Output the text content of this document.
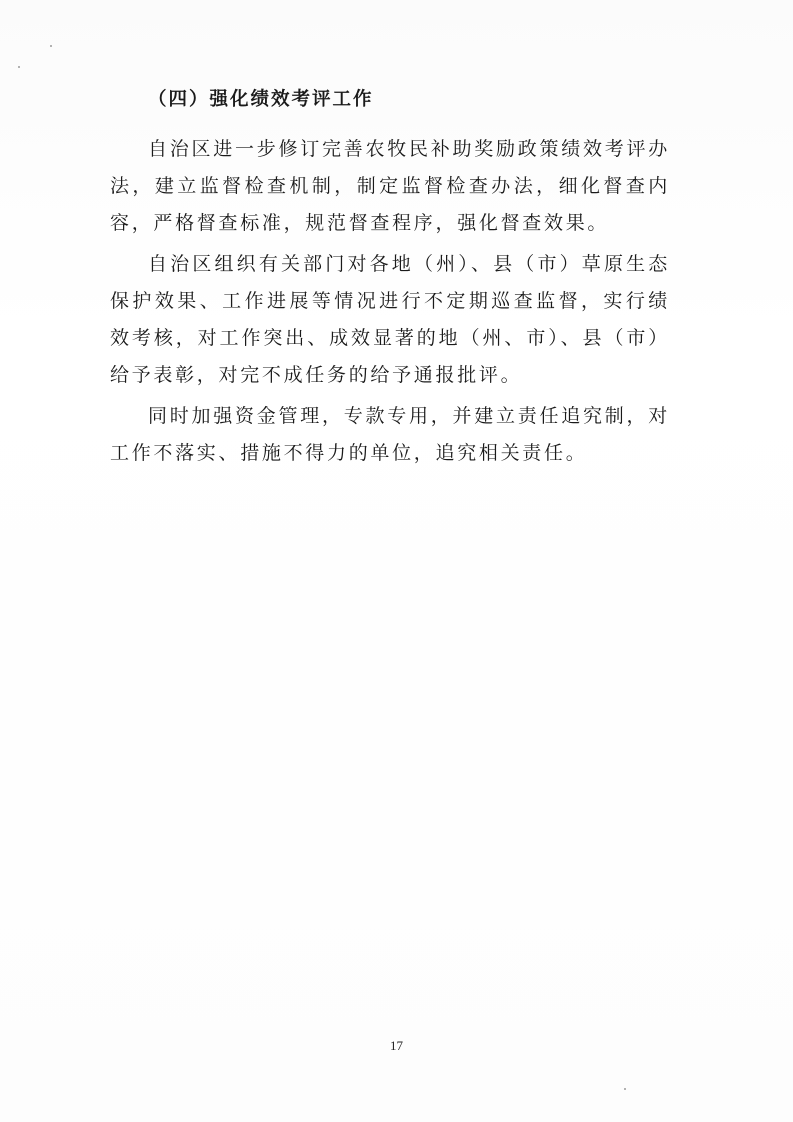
（四）强化绩效考评工作

自治区进一步修订完善农牧民补助奖励政策绩效考评办法，建立监督检查机制，制定监督检查办法，细化督查内容，严格督查标准，规范督查程序，强化督查效果。

自治区组织有关部门对各地（州）、县（市）草原生态保护效果、工作进展等情况进行不定期巡查监督，实行绩效考核，对工作突出、成效显著的地（州、市）、县（市）给予表彰，对完不成任务的给予通报批评。

同时加强资金管理，专款专用，并建立责任追究制，对工作不落实、措施不得力的单位，追究相关责任。

17
